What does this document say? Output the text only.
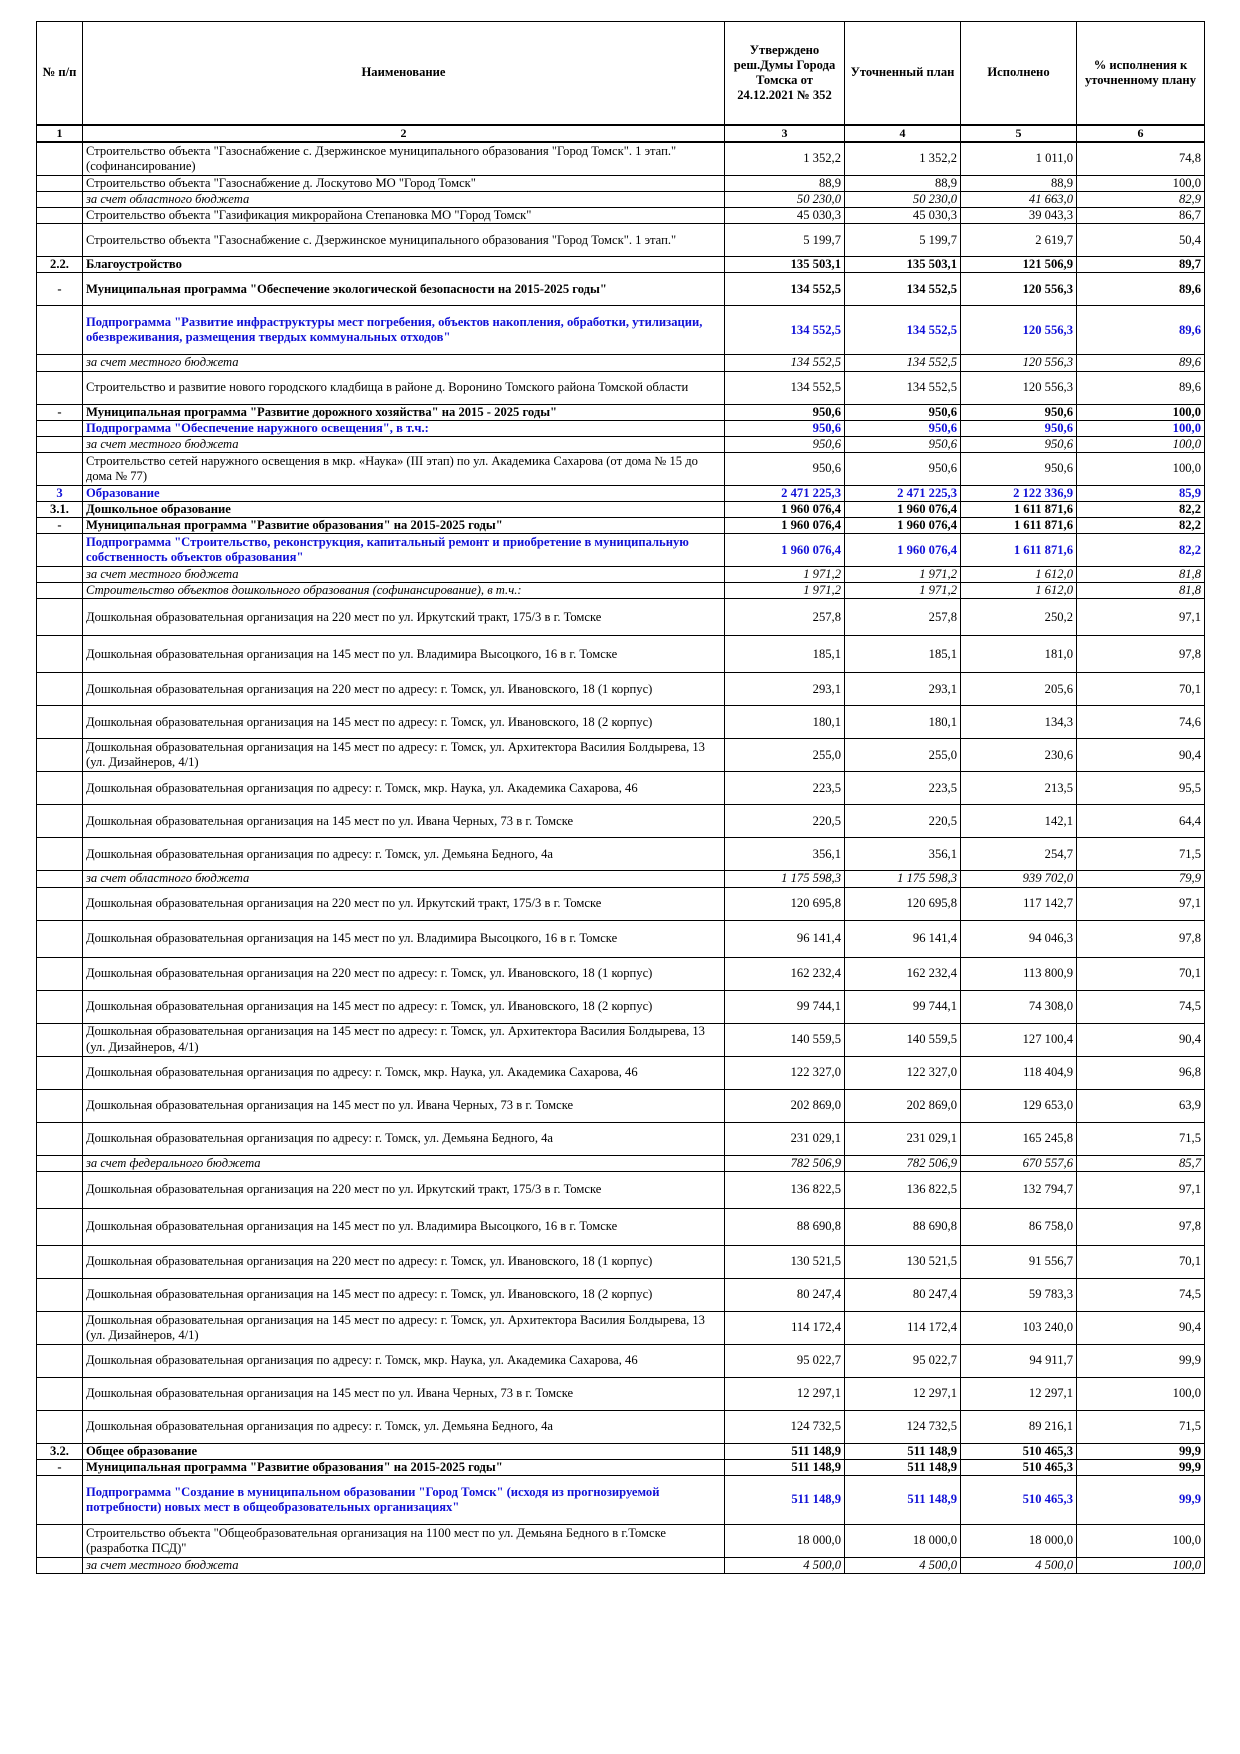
№ п/п	Наименование	Утверждено реш.Думы Города Томска от 24.12.2021 № 352	Уточненный план	Исполнено	% исполнения к уточненному плану
1	2	3	4	5	6
	Строительство объекта "Газоснабжение с. Дзержинское муниципального образования "Город Томск". 1 этап." (софинансирование)	1 352,2	1 352,2	1 011,0	74,8
	Строительство объекта "Газоснабжение д. Лоскутово МО "Город Томск"	88,9	88,9	88,9	100,0
	за счет областного бюджета	50 230,0	50 230,0	41 663,0	82,9
	Строительство объекта "Газификация микрорайона Степановка МО "Город Томск"	45 030,3	45 030,3	39 043,3	86,7
	Строительство объекта "Газоснабжение с. Дзержинское муниципального образования "Город Томск". 1 этап."	5 199,7	5 199,7	2 619,7	50,4
2.2.	Благоустройство	135 503,1	135 503,1	121 506,9	89,7
-	Муниципальная программа "Обеспечение экологической безопасности на 2015-2025 годы"	134 552,5	134 552,5	120 556,3	89,6
	Подпрограмма "Развитие инфраструктуры мест погребения, объектов накопления, обработки, утилизации, обезвреживания, размещения твердых коммунальных отходов"	134 552,5	134 552,5	120 556,3	89,6
	за счет местного бюджета	134 552,5	134 552,5	120 556,3	89,6
	Строительство и развитие нового городского кладбища в районе д. Воронино Томского района Томской области	134 552,5	134 552,5	120 556,3	89,6
-	Муниципальная программа "Развитие дорожного хозяйства" на 2015 - 2025 годы"	950,6	950,6	950,6	100,0
	Подпрограмма "Обеспечение наружного освещения", в т.ч.:	950,6	950,6	950,6	100,0
	за счет местного бюджета	950,6	950,6	950,6	100,0
	Строительство сетей наружного освещения в мкр. «Наука» (III этап) по ул. Академика Сахарова (от дома № 15 до дома № 77)	950,6	950,6	950,6	100,0
3	Образование	2 471 225,3	2 471 225,3	2 122 336,9	85,9
3.1.	Дошкольное образование	1 960 076,4	1 960 076,4	1 611 871,6	82,2
-	Муниципальная программа "Развитие образования" на 2015-2025 годы"	1 960 076,4	1 960 076,4	1 611 871,6	82,2
	Подпрограмма "Строительство, реконструкция, капитальный ремонт и приобретение в муниципальную собственность объектов образования"	1 960 076,4	1 960 076,4	1 611 871,6	82,2
	за счет местного бюджета	1 971,2	1 971,2	1 612,0	81,8
	Строительство объектов дошкольного образования (софинансирование), в т.ч.:	1 971,2	1 971,2	1 612,0	81,8
	Дошкольная образовательная организация на 220 мест по ул. Иркутский тракт, 175/3 в г. Томске	257,8	257,8	250,2	97,1
	Дошкольная образовательная организация на 145 мест по ул. Владимира Высоцкого, 16 в г. Томске	185,1	185,1	181,0	97,8
	Дошкольная образовательная организация на 220 мест по адресу: г. Томск, ул. Ивановского, 18 (1 корпус)	293,1	293,1	205,6	70,1
	Дошкольная образовательная организация на 145 мест по адресу: г. Томск, ул. Ивановского, 18 (2 корпус)	180,1	180,1	134,3	74,6
	Дошкольная образовательная организация на 145 мест по адресу: г. Томск, ул. Архитектора Василия Болдырева, 13 (ул. Дизайнеров, 4/1)	255,0	255,0	230,6	90,4
	Дошкольная образовательная организация по адресу: г. Томск, мкр. Наука, ул. Академика Сахарова, 46	223,5	223,5	213,5	95,5
	Дошкольная образовательная организация на 145 мест по ул. Ивана Черных, 73 в г. Томске	220,5	220,5	142,1	64,4
	Дошкольная образовательная организация по адресу: г. Томск, ул. Демьяна Бедного, 4а	356,1	356,1	254,7	71,5
	за счет областного бюджета	1 175 598,3	1 175 598,3	939 702,0	79,9
	Дошкольная образовательная организация на 220 мест по ул. Иркутский тракт, 175/3 в г. Томске	120 695,8	120 695,8	117 142,7	97,1
	Дошкольная образовательная организация на 145 мест по ул. Владимира Высоцкого, 16 в г. Томске	96 141,4	96 141,4	94 046,3	97,8
	Дошкольная образовательная организация на 220 мест по адресу: г. Томск, ул. Ивановского, 18 (1 корпус)	162 232,4	162 232,4	113 800,9	70,1
	Дошкольная образовательная организация на 145 мест по адресу: г. Томск, ул. Ивановского, 18 (2 корпус)	99 744,1	99 744,1	74 308,0	74,5
	Дошкольная образовательная организация на 145 мест по адресу: г. Томск, ул. Архитектора Василия Болдырева, 13 (ул. Дизайнеров, 4/1)	140 559,5	140 559,5	127 100,4	90,4
	Дошкольная образовательная организация по адресу: г. Томск, мкр. Наука, ул. Академика Сахарова, 46	122 327,0	122 327,0	118 404,9	96,8
	Дошкольная образовательная организация на 145 мест по ул. Ивана Черных, 73 в г. Томске	202 869,0	202 869,0	129 653,0	63,9
	Дошкольная образовательная организация по адресу: г. Томск, ул. Демьяна Бедного, 4а	231 029,1	231 029,1	165 245,8	71,5
	за счет федерального бюджета	782 506,9	782 506,9	670 557,6	85,7
	Дошкольная образовательная организация на 220 мест по ул. Иркутский тракт, 175/3 в г. Томске	136 822,5	136 822,5	132 794,7	97,1
	Дошкольная образовательная организация на 145 мест по ул. Владимира Высоцкого, 16 в г. Томске	88 690,8	88 690,8	86 758,0	97,8
	Дошкольная образовательная организация на 220 мест по адресу: г. Томск, ул. Ивановского, 18 (1 корпус)	130 521,5	130 521,5	91 556,7	70,1
	Дошкольная образовательная организация на 145 мест по адресу: г. Томск, ул. Ивановского, 18 (2 корпус)	80 247,4	80 247,4	59 783,3	74,5
	Дошкольная образовательная организация на 145 мест по адресу: г. Томск, ул. Архитектора Василия Болдырева, 13 (ул. Дизайнеров, 4/1)	114 172,4	114 172,4	103 240,0	90,4
	Дошкольная образовательная организация по адресу: г. Томск, мкр. Наука, ул. Академика Сахарова, 46	95 022,7	95 022,7	94 911,7	99,9
	Дошкольная образовательная организация на 145 мест по ул. Ивана Черных, 73 в г. Томске	12 297,1	12 297,1	12 297,1	100,0
	Дошкольная образовательная организация по адресу: г. Томск, ул. Демьяна Бедного, 4а	124 732,5	124 732,5	89 216,1	71,5
3.2.	Общее образование	511 148,9	511 148,9	510 465,3	99,9
-	Муниципальная программа "Развитие образования" на 2015-2025 годы"	511 148,9	511 148,9	510 465,3	99,9
	Подпрограмма "Создание в муниципальном образовании "Город Томск" (исходя из прогнозируемой потребности) новых мест в общеобразовательных организациях"	511 148,9	511 148,9	510 465,3	99,9
	Строительство объекта "Общеобразовательная организация на 1100 мест по ул. Демьяна Бедного в г.Томске (разработка ПСД)"	18 000,0	18 000,0	18 000,0	100,0
	за счет местного бюджета	4 500,0	4 500,0	4 500,0	100,0
